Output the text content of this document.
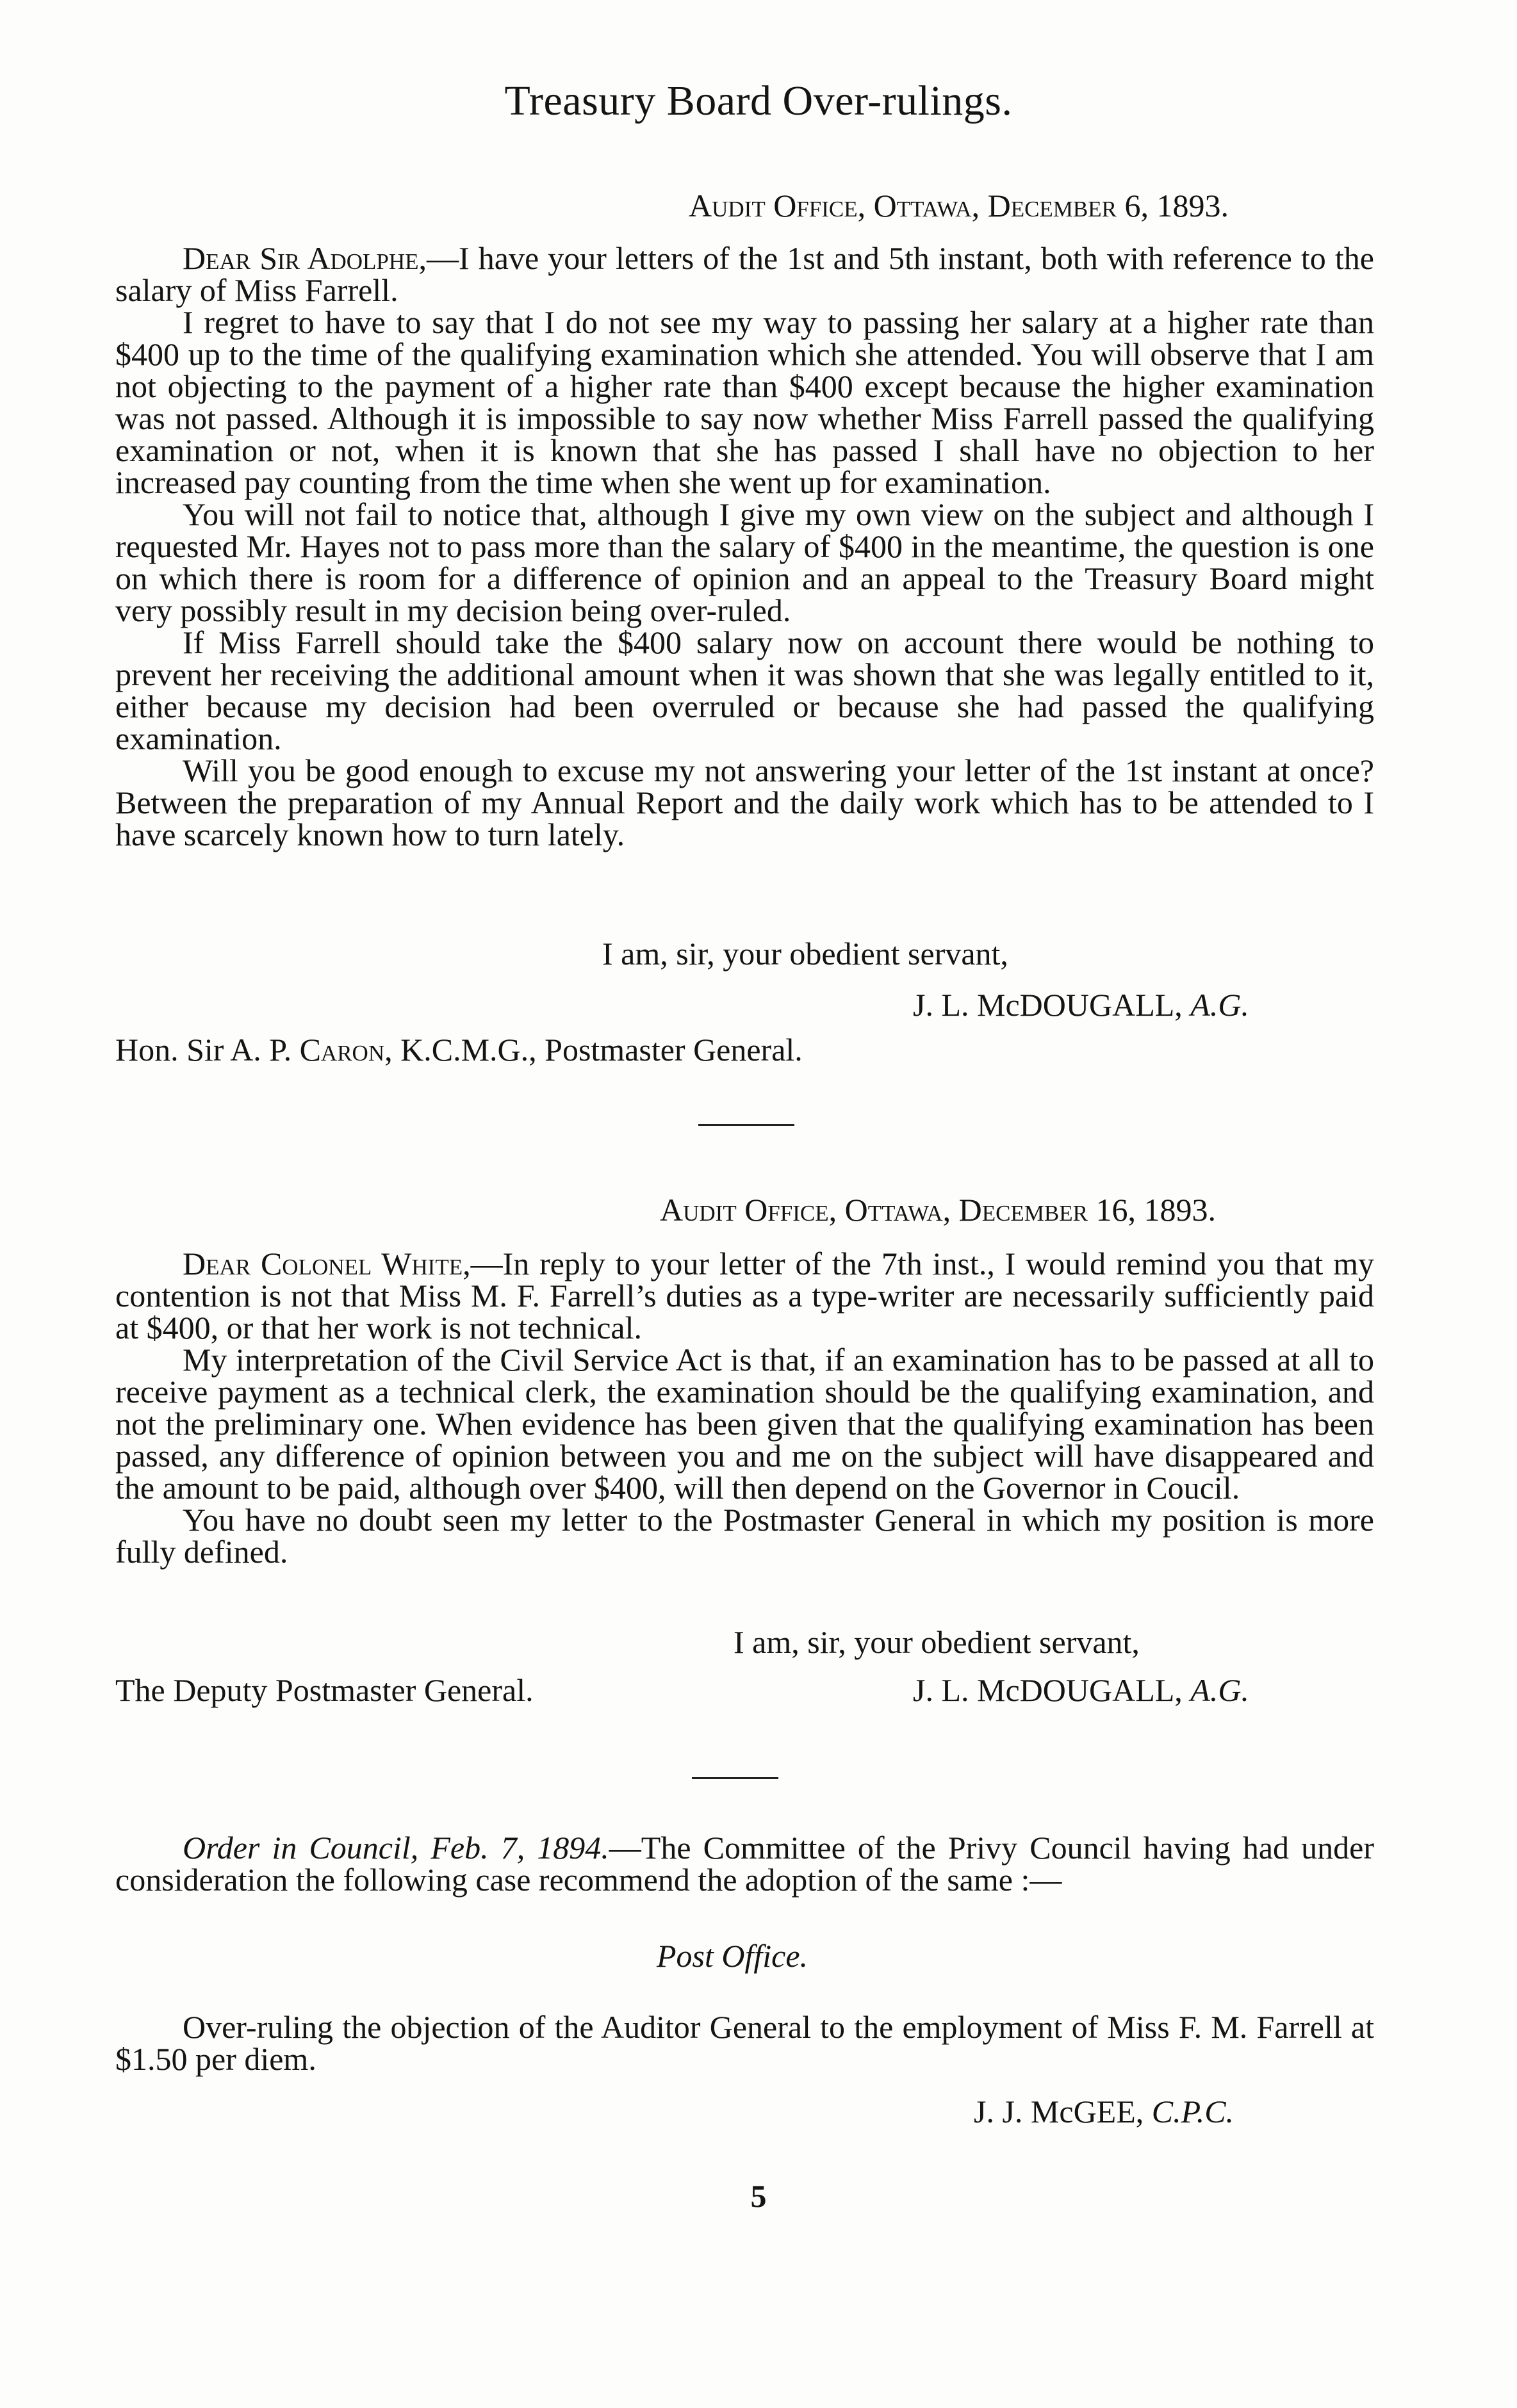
Treasury Board Over-rulings.
Audit Office, Ottawa, December 6, 1893.

Dear Sir Adolphe,—I have your letters of the 1st and 5th instant, both with reference to the salary of Miss Farrell.

I regret to have to say that I do not see my way to passing her salary at a higher rate than $400 up to the time of the qualifying examination which she attended. You will observe that I am not objecting to the payment of a higher rate than $400 except because the higher examination was not passed. Although it is impossible to say now whether Miss Farrell passed the qualifying examination or not, when it is known that she has passed I shall have no objection to her increased pay counting from the time when she went up for examination.

You will not fail to notice that, although I give my own view on the subject and although I requested Mr. Hayes not to pass more than the salary of $400 in the meantime, the question is one on which there is room for a difference of opinion and an appeal to the Treasury Board might very possibly result in my decision being over-ruled.

If Miss Farrell should take the $400 salary now on account there would be nothing to prevent her receiving the additional amount when it was shown that she was legally entitled to it, either because my decision had been overruled or because she had passed the qualifying examination.

Will you be good enough to excuse my not answering your letter of the 1st instant at once? Between the preparation of my Annual Report and the daily work which has to be attended to I have scarcely known how to turn lately.

I am, sir, your obedient servant,
J. L. McDOUGALL, A.G.
Hon. Sir A. P. Caron, K.C.M.G., Postmaster General.
Audit Office, Ottawa, December 16, 1893.

Dear Colonel White,—In reply to your letter of the 7th inst., I would remind you that my contention is not that Miss M. F. Farrell’s duties as a type-writer are necessarily sufficiently paid at $400, or that her work is not technical.

My interpretation of the Civil Service Act is that, if an examination has to be passed at all to receive payment as a technical clerk, the examination should be the qualifying examination, and not the preliminary one. When evidence has been given that the qualifying examination has been passed, any difference of opinion between you and me on the subject will have disappeared and the amount to be paid, although over $400, will then depend on the Governor in Coucil.

You have no doubt seen my letter to the Postmaster General in which my position is more fully defined.

I am, sir, your obedient servant,
The Deputy Postmaster General.	J. L. McDOUGALL, A.G.

Order in Council, Feb. 7, 1894.—The Committee of the Privy Council having had under consideration the following case recommend the adoption of the same :—

Post Office.

Over-ruling the objection of the Auditor General to the employment of Miss F. M. Farrell at $1.50 per diem.

J. J. McGEE, C.P.C.
5
